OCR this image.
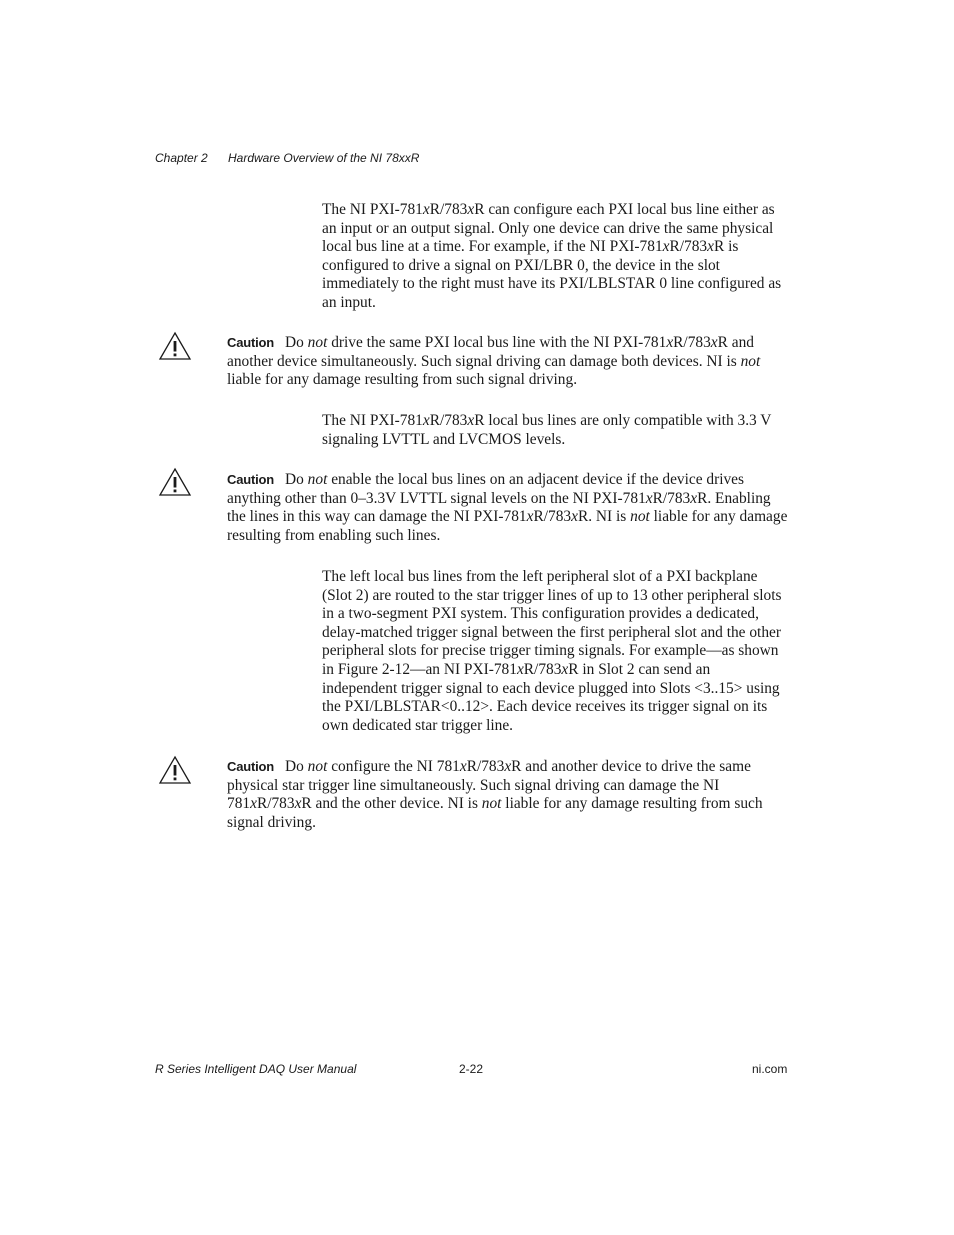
Chapter 2 Hardware Overview of the NI 78xxR

The NI PXI-781xR/783xR can configure each PXI local bus line either as an input or an output signal. Only one device can drive the same physical local bus line at a time. For example, if the NI PXI-781xR/783xR is configured to drive a signal on PXI/LBR 0, the device in the slot immediately to the right must have its PXI/LBLSTAR 0 line configured as an input.

Caution Do not drive the same PXI local bus line with the NI PXI-781xR/783xR and another device simultaneously. Such signal driving can damage both devices. NI is not liable for any damage resulting from such signal driving.

The NI PXI-781xR/783xR local bus lines are only compatible with 3.3 V signaling LVTTL and LVCMOS levels.

Caution Do not enable the local bus lines on an adjacent device if the device drives anything other than 0–3.3V LVTTL signal levels on the NI PXI-781xR/783xR. Enabling the lines in this way can damage the NI PXI-781xR/783xR. NI is not liable for any damage resulting from enabling such lines.

The left local bus lines from the left peripheral slot of a PXI backplane (Slot 2) are routed to the star trigger lines of up to 13 other peripheral slots in a two-segment PXI system. This configuration provides a dedicated, delay-matched trigger signal between the first peripheral slot and the other peripheral slots for precise trigger timing signals. For example—as shown in Figure 2-12—an NI PXI-781xR/783xR in Slot 2 can send an independent trigger signal to each device plugged into Slots <3..15> using the PXI/LBLSTAR<0..12>. Each device receives its trigger signal on its own dedicated star trigger line.

Caution Do not configure the NI 781xR/783xR and another device to drive the same physical star trigger line simultaneously. Such signal driving can damage the NI 781xR/783xR and the other device. NI is not liable for any damage resulting from such signal driving.

R Series Intelligent DAQ User Manual	2-22	ni.com
